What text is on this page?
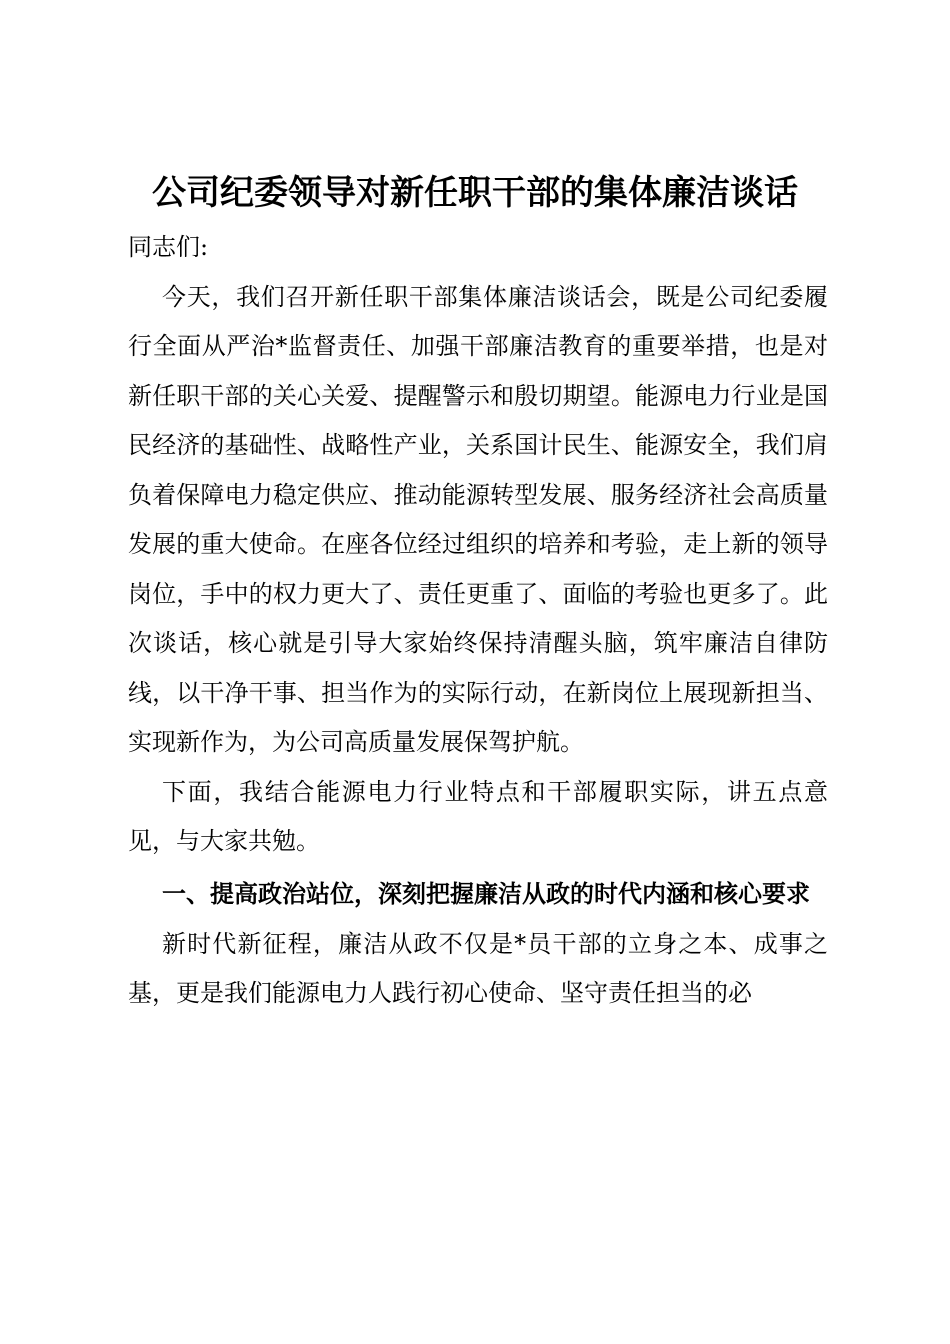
公司纪委领导对新任职干部的集体廉洁谈话

同志们:

今天，我们召开新任职干部集体廉洁谈话会，既是公司纪委履行全面从严治*监督责任、加强干部廉洁教育的重要举措，也是对新任职干部的关心关爱、提醒警示和殷切期望。能源电力行业是国民经济的基础性、战略性产业，关系国计民生、能源安全，我们肩负着保障电力稳定供应、推动能源转型发展、服务经济社会高质量发展的重大使命。在座各位经过组织的培养和考验，走上新的领导岗位，手中的权力更大了、责任更重了、面临的考验也更多了。此次谈话，核心就是引导大家始终保持清醒头脑，筑牢廉洁自律防线，以干净干事、担当作为的实际行动，在新岗位上展现新担当、实现新作为，为公司高质量发展保驾护航。

下面，我结合能源电力行业特点和干部履职实际，讲五点意见，与大家共勉。

一、提高政治站位，深刻把握廉洁从政的时代内涵和核心要求

新时代新征程，廉洁从政不仅是*员干部的立身之本、成事之基，更是我们能源电力人践行初心使命、坚守责任担当的必
